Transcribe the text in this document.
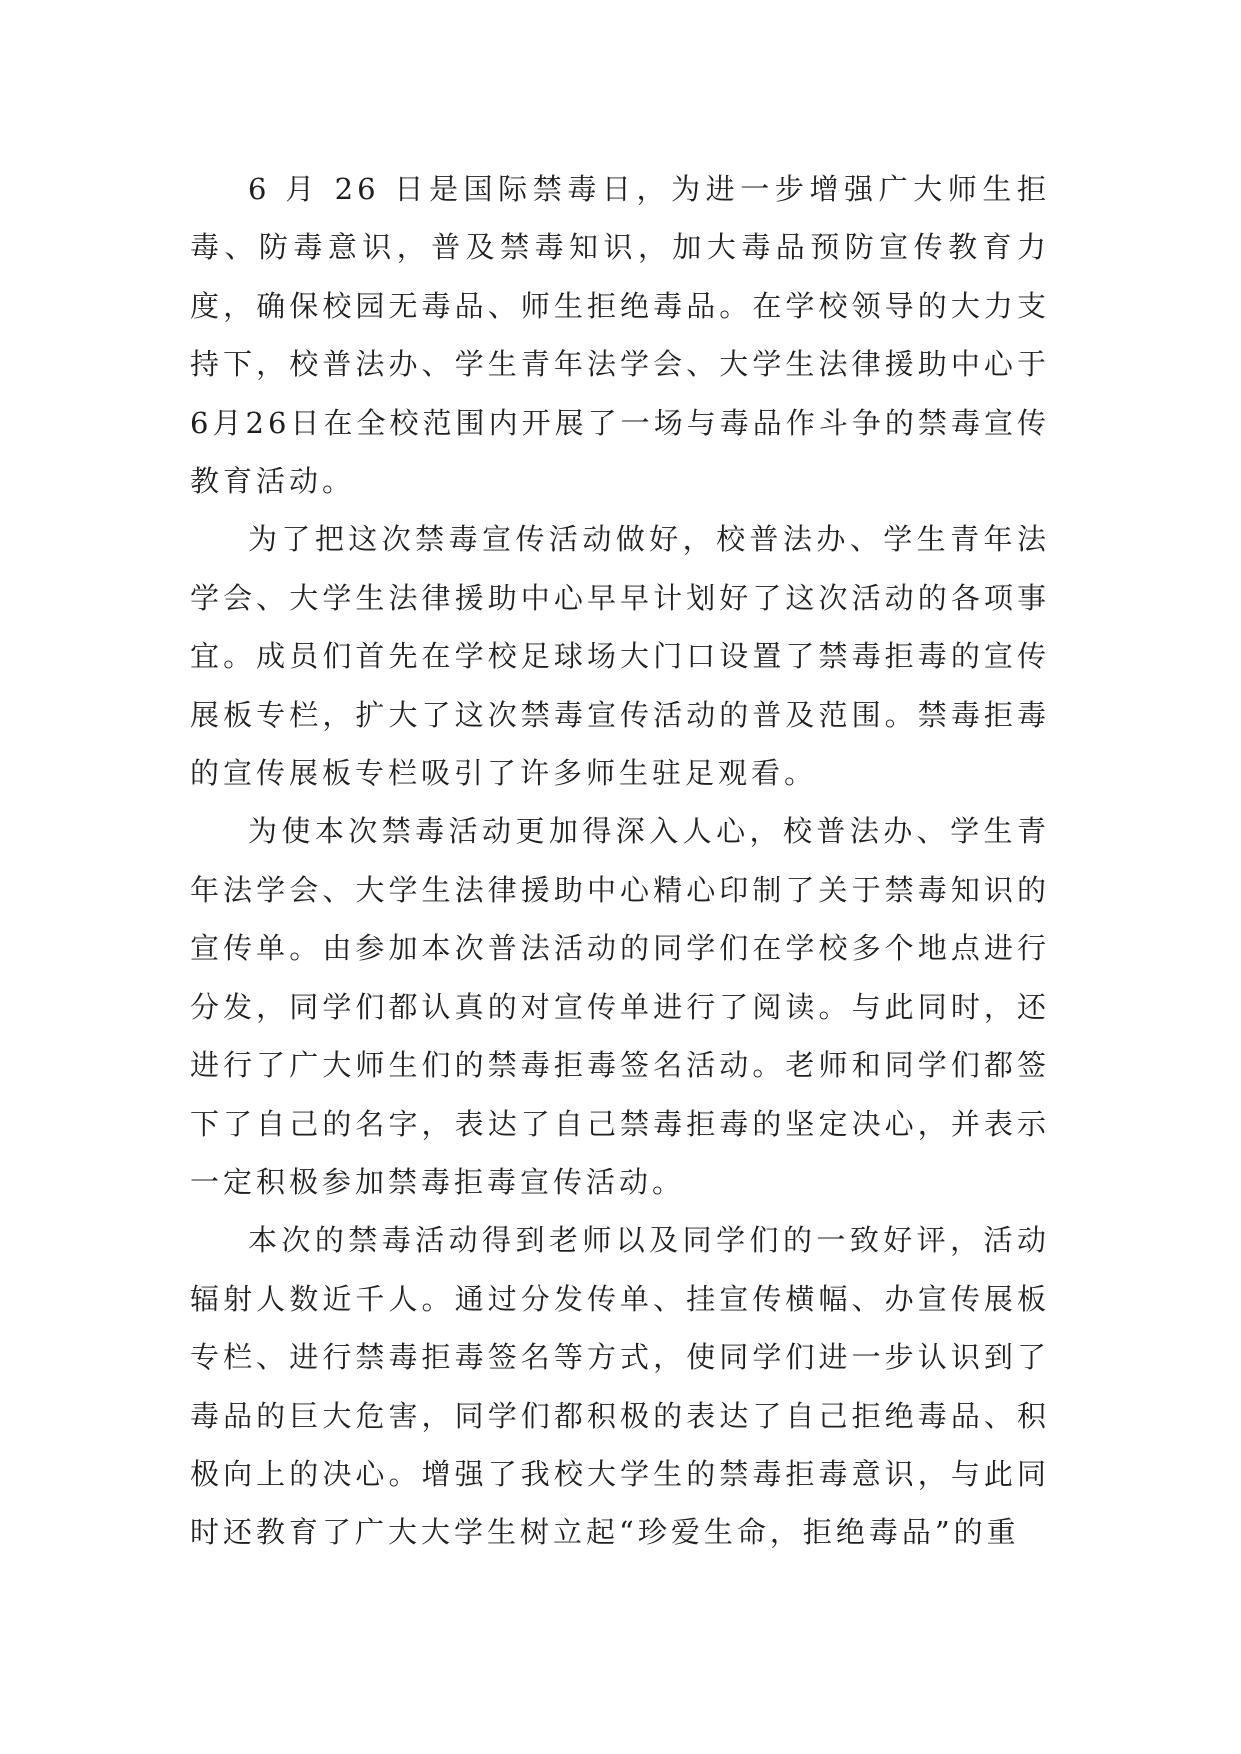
6 月 26 日是国际禁毒日，为进一步增强广大师生拒毒、防毒意识，普及禁毒知识，加大毒品预防宣传教育力度，确保校园无毒品、师生拒绝毒品。在学校领导的大力支持下，校普法办、学生青年法学会、大学生法律援助中心于6月26日在全校范围内开展了一场与毒品作斗争的禁毒宣传教育活动。

为了把这次禁毒宣传活动做好，校普法办、学生青年法学会、大学生法律援助中心早早计划好了这次活动的各项事宜。成员们首先在学校足球场大门口设置了禁毒拒毒的宣传展板专栏，扩大了这次禁毒宣传活动的普及范围。禁毒拒毒的宣传展板专栏吸引了许多师生驻足观看。

为使本次禁毒活动更加得深入人心，校普法办、学生青年法学会、大学生法律援助中心精心印制了关于禁毒知识的宣传单。由参加本次普法活动的同学们在学校多个地点进行分发，同学们都认真的对宣传单进行了阅读。与此同时，还进行了广大师生们的禁毒拒毒签名活动。老师和同学们都签下了自己的名字，表达了自己禁毒拒毒的坚定决心，并表示一定积极参加禁毒拒毒宣传活动。

本次的禁毒活动得到老师以及同学们的一致好评，活动辐射人数近千人。通过分发传单、挂宣传横幅、办宣传展板专栏、进行禁毒拒毒签名等方式，使同学们进一步认识到了毒品的巨大危害，同学们都积极的表达了自己拒绝毒品、积极向上的决心。增强了我校大学生的禁毒拒毒意识，与此同时还教育了广大大学生树立起“珍爱生命，拒绝毒品”的重
